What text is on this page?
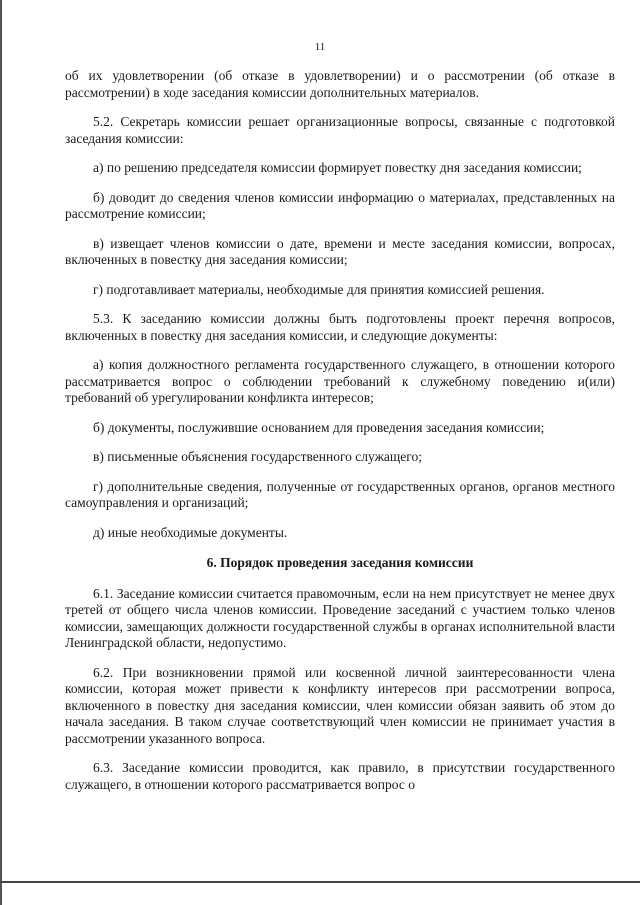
11

об их удовлетворении (об отказе в удовлетворении) и о рассмотрении (об отказе в рассмотрении) в ходе заседания комиссии дополнительных материалов.

5.2. Секретарь комиссии решает организационные вопросы, связанные с подготовкой заседания комиссии:

а) по решению председателя комиссии формирует повестку дня заседания комиссии;

б) доводит до сведения членов комиссии информацию о материалах, представленных на рассмотрение комиссии;

в) извещает членов комиссии о дате, времени и месте заседания комиссии, вопросах, включенных в повестку дня заседания комиссии;

г) подготавливает материалы, необходимые для принятия комиссией решения.

5.3. К заседанию комиссии должны быть подготовлены проект перечня вопросов, включенных в повестку дня заседания комиссии, и следующие документы:

а) копия должностного регламента государственного служащего, в отношении которого рассматривается вопрос о соблюдении требований к служебному поведению и(или) требований об урегулировании конфликта интересов;

б) документы, послужившие основанием для проведения заседания комиссии;

в) письменные объяснения государственного служащего;

г) дополнительные сведения, полученные от государственных органов, органов местного самоуправления и организаций;

д) иные необходимые документы.

6. Порядок проведения заседания комиссии

6.1. Заседание комиссии считается правомочным, если на нем присутствует не менее двух третей от общего числа членов комиссии. Проведение заседаний с участием только членов комиссии, замещающих должности государственной службы в органах исполнительной власти Ленинградской области, недопустимо.

6.2. При возникновении прямой или косвенной личной заинтересованности члена комиссии, которая может привести к конфликту интересов при рассмотрении вопроса, включенного в повестку дня заседания комиссии, член комиссии обязан заявить об этом до начала заседания. В таком случае соответствующий член комиссии не принимает участия в рассмотрении указанного вопроса.

6.3. Заседание комиссии проводится, как правило, в присутствии государственного служащего, в отношении которого рассматривается вопрос о
